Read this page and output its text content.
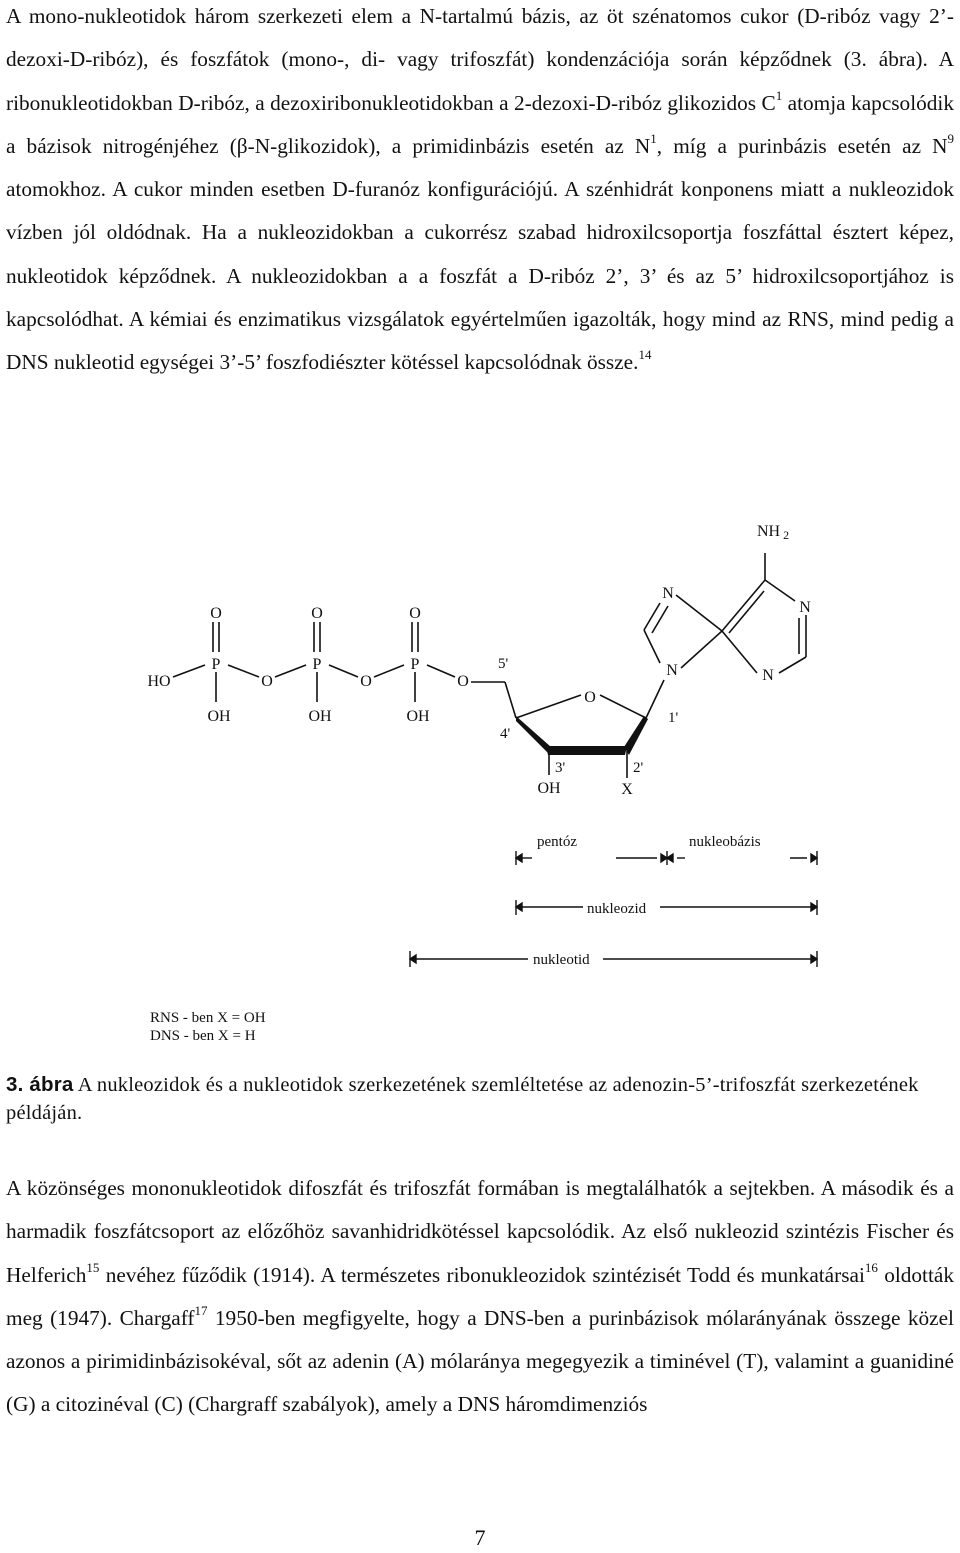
A mono-nukleotidok három szerkezeti elem a N-tartalmú bázis, az öt szénatomos cukor (D-ribóz vagy 2’-dezoxi-D-ribóz), és foszfátok (mono-, di- vagy trifoszfát) kondenzációja során képződnek (3. ábra). A ribonukleotidokban D-ribóz, a dezoxiribonukleotidokban a 2-dezoxi-D-ribóz glikozidos $C^1$ atomja kapcsolódik a bázisok nitrogénjéhez (β-N-glikozidok), a primidinbázis esetén az $N^1$, míg a purinbázis esetén az $N^9$ atomokhoz. A cukor minden esetben D-furanóz konfigurációjú. A szénhidrát konponens miatt a nukleozidok vízben jól oldódnak. Ha a nukleozidokban a cukorrész szabad hidroxilcsoportja foszfáttal észtert képez, nukleotidok képződnek. A nukleozidokban a a foszfát a D-ribóz 2’, 3’ és az 5’ hidroxilcsoportjához is kapcsolódhat. A kémiai és enzimatikus vizsgálatok egyértelműen igazolták, hogy mind az RNS, mind pedig a DNS nukleotid egységei 3’-5’ foszfodiészter kötéssel kapcsolódnak össze.$^{14}$

O	O	O
HO
P
O
P
O
P
O
OH	OH	OH
5'
4'
O
3'	2'
1'
OH	X
N
N
N
N
NH 2
pentóz	nukleobázis
nukleozid
nukleotid
RNS - ben X = OH
DNS - ben X = H

3. ábra A nukleozidok és a nukleotidok szerkezetének szemléltetése az adenozin-5’-trifoszfát szerkezetének példáján.

A közönséges mononukleotidok difoszfát és trifoszfát formában is megtalálhatók a sejtekben. A második és a harmadik foszfátcsoport az előzőhöz savanhidridkötéssel kapcsolódik. Az első nukleozid szintézis Fischer és Helferich$^{15}$ nevéhez fűződik (1914). A természetes ribonukleozidok szintézisét Todd és munkatársai$^{16}$ oldották meg (1947). Chargaff$^{17}$ 1950-ben megfigyelte, hogy a DNS-ben a purinbázisok mólarányának összege közel azonos a pirimidinbázisokéval, sőt az adenin (A) mólaránya megegyezik a timinével (T), valamint a guanidiné (G) a citozinéval (C) (Chargraff szabályok), amely a DNS háromdimenziós

7
